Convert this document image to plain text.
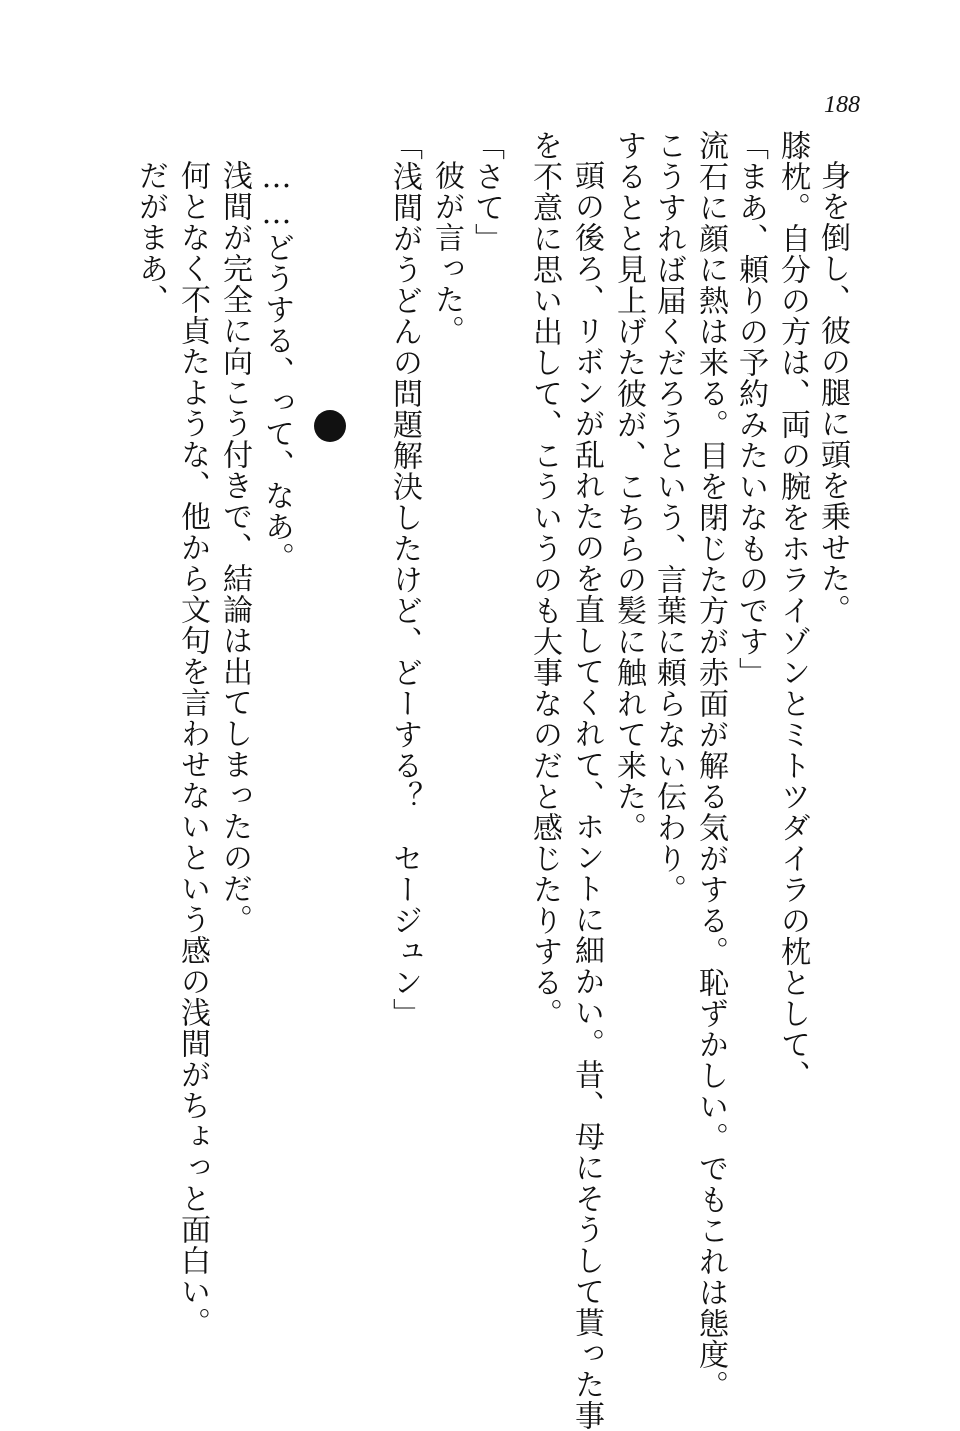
188
身を倒し、彼の腿に頭を乗せた。
膝枕。自分の方は、両の腕をホライゾンとミトツダイラの枕として、
「まあ、頼りの予約みたいなものです」
流石に顔に熱は来る。目を閉じた方が赤面が解る気がする。恥ずかしい。でもこれは態度。
こうすれば届くだろうという、言葉に頼らない伝わり。
するとと見上げた彼が、こちらの髪に触れて来た。
頭の後ろ、リボンが乱れたのを直してくれて、ホントに細かい。昔、母にそうして貰った事
を不意に思い出して、こういうのも大事なのだと感じたりする。
「さて」
彼が言った。
「浅間がうどんの問題解決したけど、どーする？　セージュン」
……どうする、って、なあ。
浅間が完全に向こう付きで、結論は出てしまったのだ。
何となく不貞たような、他から文句を言わせないという感の浅間がちょっと面白い。
だがまあ、
